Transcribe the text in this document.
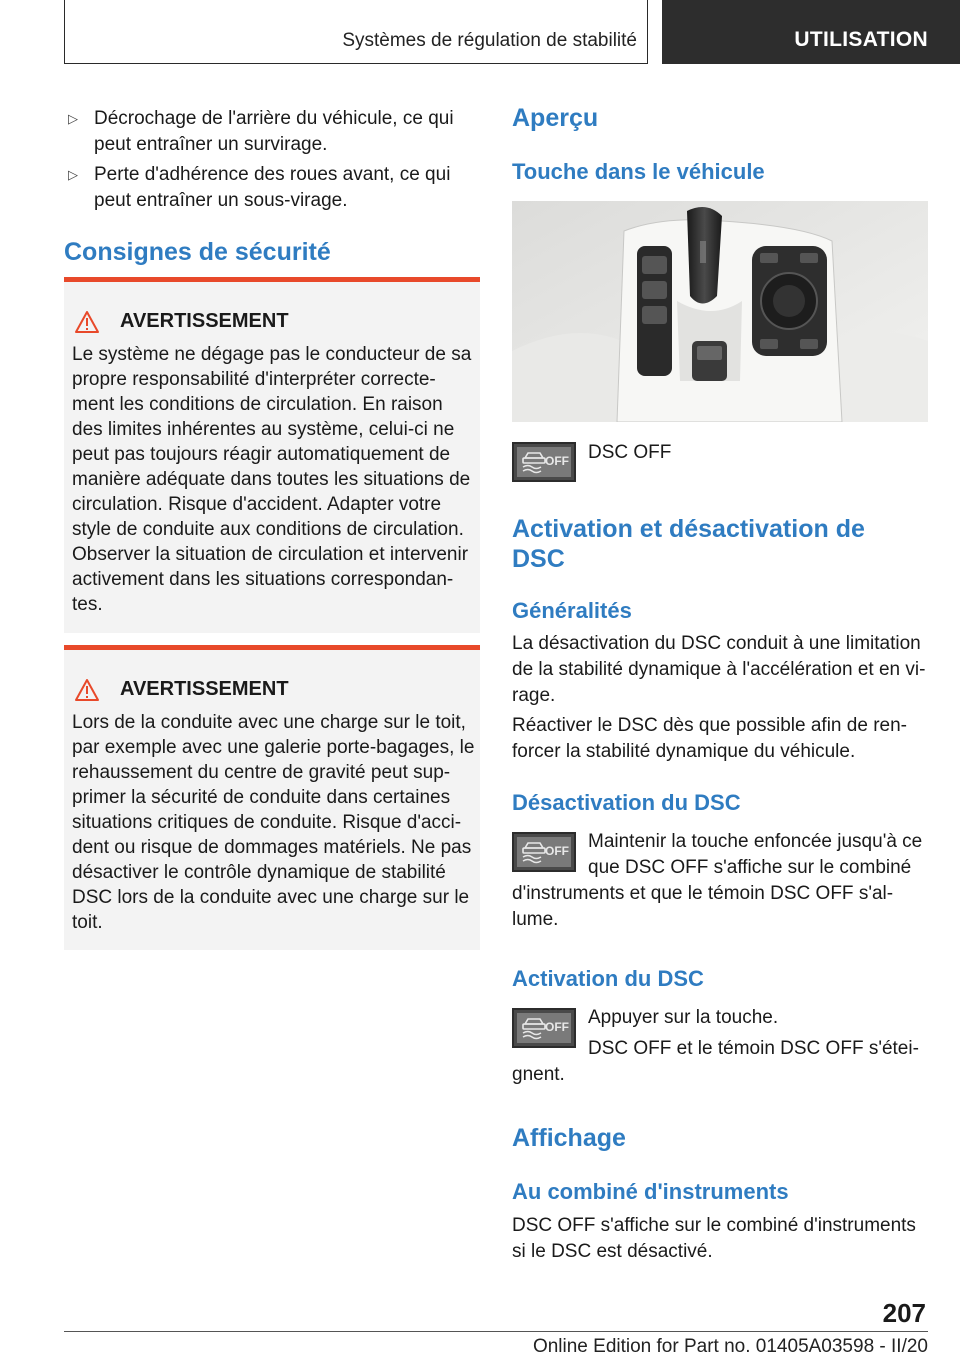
Systèmes de régulation de stabilité	UTILISATION
▷ Décrochage de l'arrière du véhicule, ce qui
peut entraîner un survirage.
▷ Perte d'adhérence des roues avant, ce qui
peut entraîner un sous-virage.
Consignes de sécurité
AVERTISSEMENT
Le système ne dégage pas le conducteur de sa
propre responsabilité d'interpréter correcte-
ment les conditions de circulation. En raison
des limites inhérentes au système, celui-ci ne
peut pas toujours réagir automatiquement de
manière adéquate dans toutes les situations de
circulation. Risque d'accident. Adapter votre
style de conduite aux conditions de circulation.
Observer la situation de circulation et intervenir
activement dans les situations correspondan-
tes.
AVERTISSEMENT
Lors de la conduite avec une charge sur le toit,
par exemple avec une galerie porte-bagages, le
rehaussement du centre de gravité peut sup-
primer la sécurité de conduite dans certaines
situations critiques de conduite. Risque d'acci-
dent ou risque de dommages matériels. Ne pas
désactiver le contrôle dynamique de stabilité
DSC lors de la conduite avec une charge sur le
toit.
Aperçu
Touche dans le véhicule
OFF DSC OFF
Activation et désactivation de
DSC
Généralités
La désactivation du DSC conduit à une limitation
de la stabilité dynamique à l'accélération et en vi-
rage.
Réactiver le DSC dès que possible afin de ren-
forcer la stabilité dynamique du véhicule.
Désactivation du DSC
OFF Maintenir la touche enfoncée jusqu'à ce
que DSC OFF s'affiche sur le combiné
d'instruments et que le témoin DSC OFF s'al-
lume.
Activation du DSC
OFF Appuyer sur la touche.
DSC OFF et le témoin DSC OFF s'étei-
gnent.
Affichage
Au combiné d'instruments
DSC OFF s'affiche sur le combiné d'instruments
si le DSC est désactivé.
207
Online Edition for Part no. 01405A03598 - II/20
